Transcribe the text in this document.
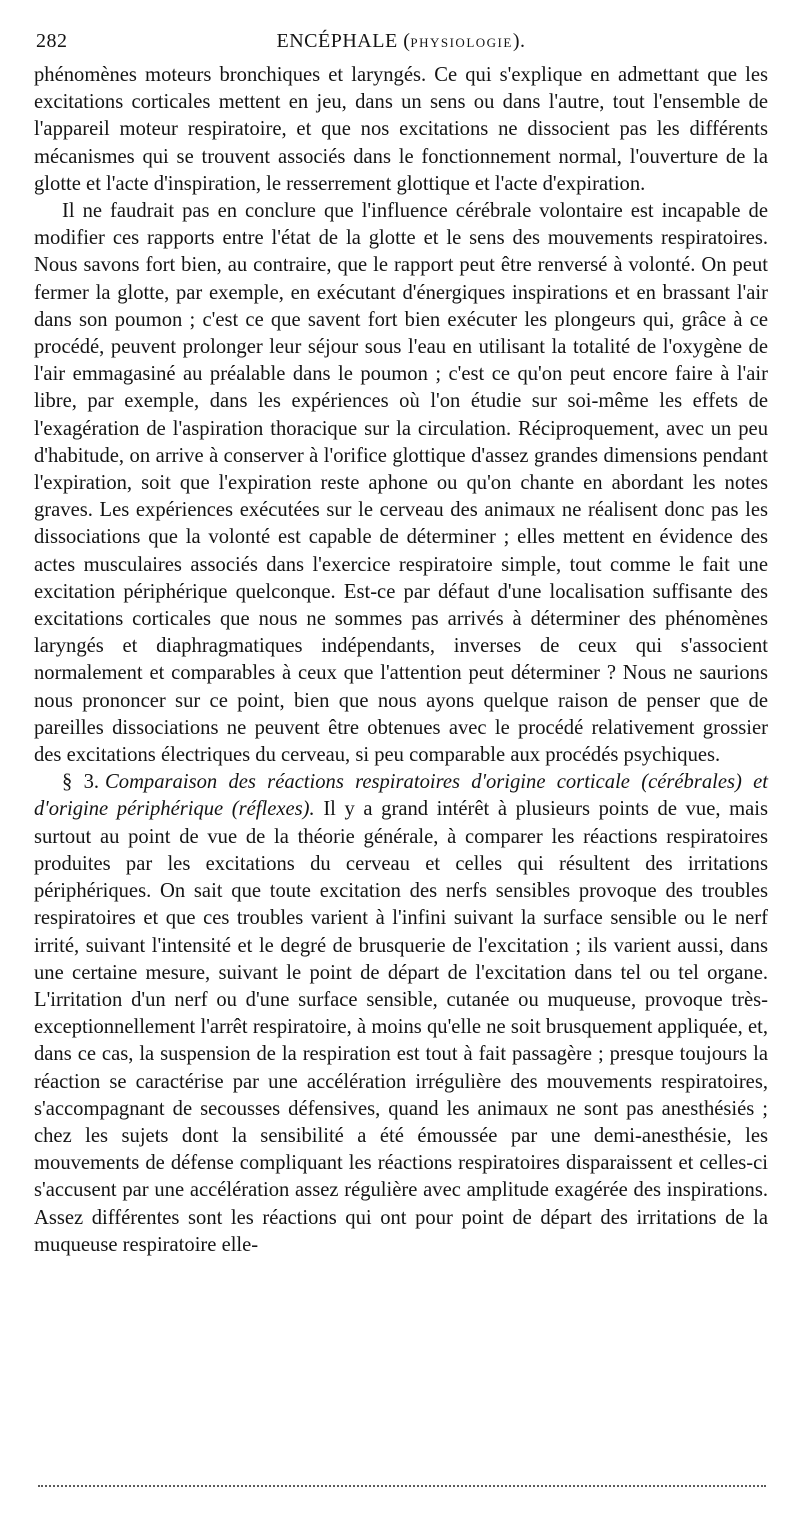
282	ENCÉPHALE (PHYSIOLOGIE).

phénomènes moteurs bronchiques et laryngés. Ce qui s'explique en admettant que les excitations corticales mettent en jeu, dans un sens ou dans l'autre, tout l'ensemble de l'appareil moteur respiratoire, et que nos excitations ne dissocient pas les différents mécanismes qui se trouvent associés dans le fonctionnement normal, l'ouverture de la glotte et l'acte d'inspiration, le resserrement glottique et l'acte d'expiration.

Il ne faudrait pas en conclure que l'influence cérébrale volontaire est incapable de modifier ces rapports entre l'état de la glotte et le sens des mouvements respiratoires. Nous savons fort bien, au contraire, que le rapport peut être renversé à volonté. On peut fermer la glotte, par exemple, en exécutant d'énergiques inspirations et en brassant l'air dans son poumon ; c'est ce que savent fort bien exécuter les plongeurs qui, grâce à ce procédé, peuvent prolonger leur séjour sous l'eau en utilisant la totalité de l'oxygène de l'air emmagasiné au préalable dans le poumon ; c'est ce qu'on peut encore faire à l'air libre, par exemple, dans les expériences où l'on étudie sur soi-même les effets de l'exagération de l'aspiration thoracique sur la circulation. Réciproquement, avec un peu d'habitude, on arrive à conserver à l'orifice glottique d'assez grandes dimensions pendant l'expiration, soit que l'expiration reste aphone ou qu'on chante en abordant les notes graves. Les expériences exécutées sur le cerveau des animaux ne réalisent donc pas les dissociations que la volonté est capable de déterminer ; elles mettent en évidence des actes musculaires associés dans l'exercice respiratoire simple, tout comme le fait une excitation périphérique quelconque. Est-ce par défaut d'une localisation suffisante des excitations corticales que nous ne sommes pas arrivés à déterminer des phénomènes laryngés et diaphragmatiques indépendants, inverses de ceux qui s'associent normalement et comparables à ceux que l'attention peut déterminer ? Nous ne saurions nous prononcer sur ce point, bien que nous ayons quelque raison de penser que de pareilles dissociations ne peuvent être obtenues avec le procédé relativement grossier des excitations électriques du cerveau, si peu comparable aux procédés psychiques.

§ 3. Comparaison des réactions respiratoires d'origine corticale (cérébrales) et d'origine périphérique (réflexes). Il y a grand intérêt à plusieurs points de vue, mais surtout au point de vue de la théorie générale, à comparer les réactions respiratoires produites par les excitations du cerveau et celles qui résultent des irritations périphériques. On sait que toute excitation des nerfs sensibles provoque des troubles respiratoires et que ces troubles varient à l'infini suivant la surface sensible ou le nerf irrité, suivant l'intensité et le degré de brusquerie de l'excitation ; ils varient aussi, dans une certaine mesure, suivant le point de départ de l'excitation dans tel ou tel organe. L'irritation d'un nerf ou d'une surface sensible, cutanée ou muqueuse, provoque très-exceptionnellement l'arrêt respiratoire, à moins qu'elle ne soit brusquement appliquée, et, dans ce cas, la suspension de la respiration est tout à fait passagère ; presque toujours la réaction se caractérise par une accélération irrégulière des mouvements respiratoires, s'accompagnant de secousses défensives, quand les animaux ne sont pas anesthésiés ; chez les sujets dont la sensibilité a été émoussée par une demi-anesthésie, les mouvements de défense compliquant les réactions respiratoires disparaissent et celles-ci s'accusent par une accélération assez régulière avec amplitude exagérée des inspirations. Assez différentes sont les réactions qui ont pour point de départ des irritations de la muqueuse respiratoire elle-
